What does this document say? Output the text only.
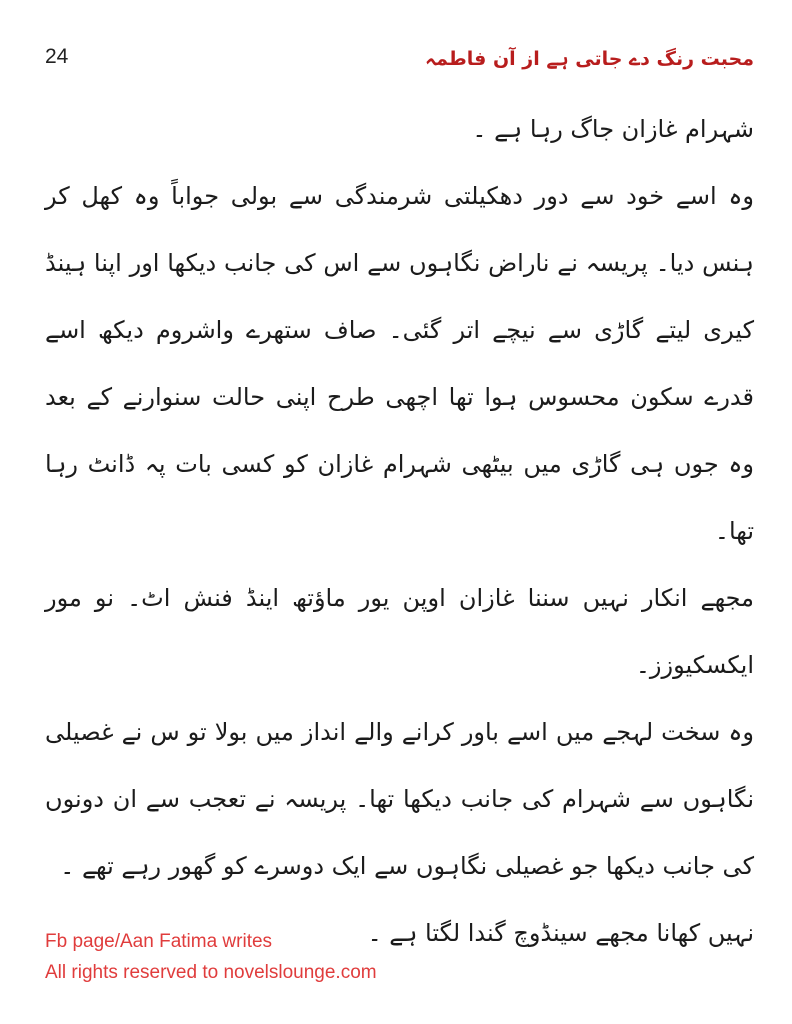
24	محبت رنگ دے جاتی ہے از آن فاطمہ

شہرام غازان جاگ رہا ہے ۔

وہ اسے خود سے دور دھکیلتی شرمندگی سے بولی جواباً وہ کھل کر ہنس دیا۔ پریسہ نے ناراض نگاہوں سے اس کی جانب دیکھا اور اپنا ہینڈ کیری لیتے گاڑی سے نیچے اتر گئی۔ صاف ستھرے واشروم دیکھ اسے قدرے سکون محسوس ہوا تھا اچھی طرح اپنی حالت سنوارنے کے بعد وہ جوں ہی گاڑی میں بیٹھی شہرام غازان کو کسی بات پہ ڈانٹ رہا تھا۔

مجھے انکار نہیں سننا غازان اوپن یور ماؤتھ اینڈ فنش اٹ۔ نو مور ایکسکیوزز۔

وہ سخت لہجے میں اسے باور کرانے والے انداز میں بولا تو س نے غصیلی نگاہوں سے شہرام کی جانب دیکھا تھا۔ پریسہ نے تعجب سے ان دونوں کی جانب دیکھا جو غصیلی نگاہوں سے ایک دوسرے کو گھور رہے تھے ۔

نہیں کھانا مجھے سینڈوچ گندا لگتا ہے ۔

Fb page/Aan Fatima writes
All rights reserved to novelslounge.com
